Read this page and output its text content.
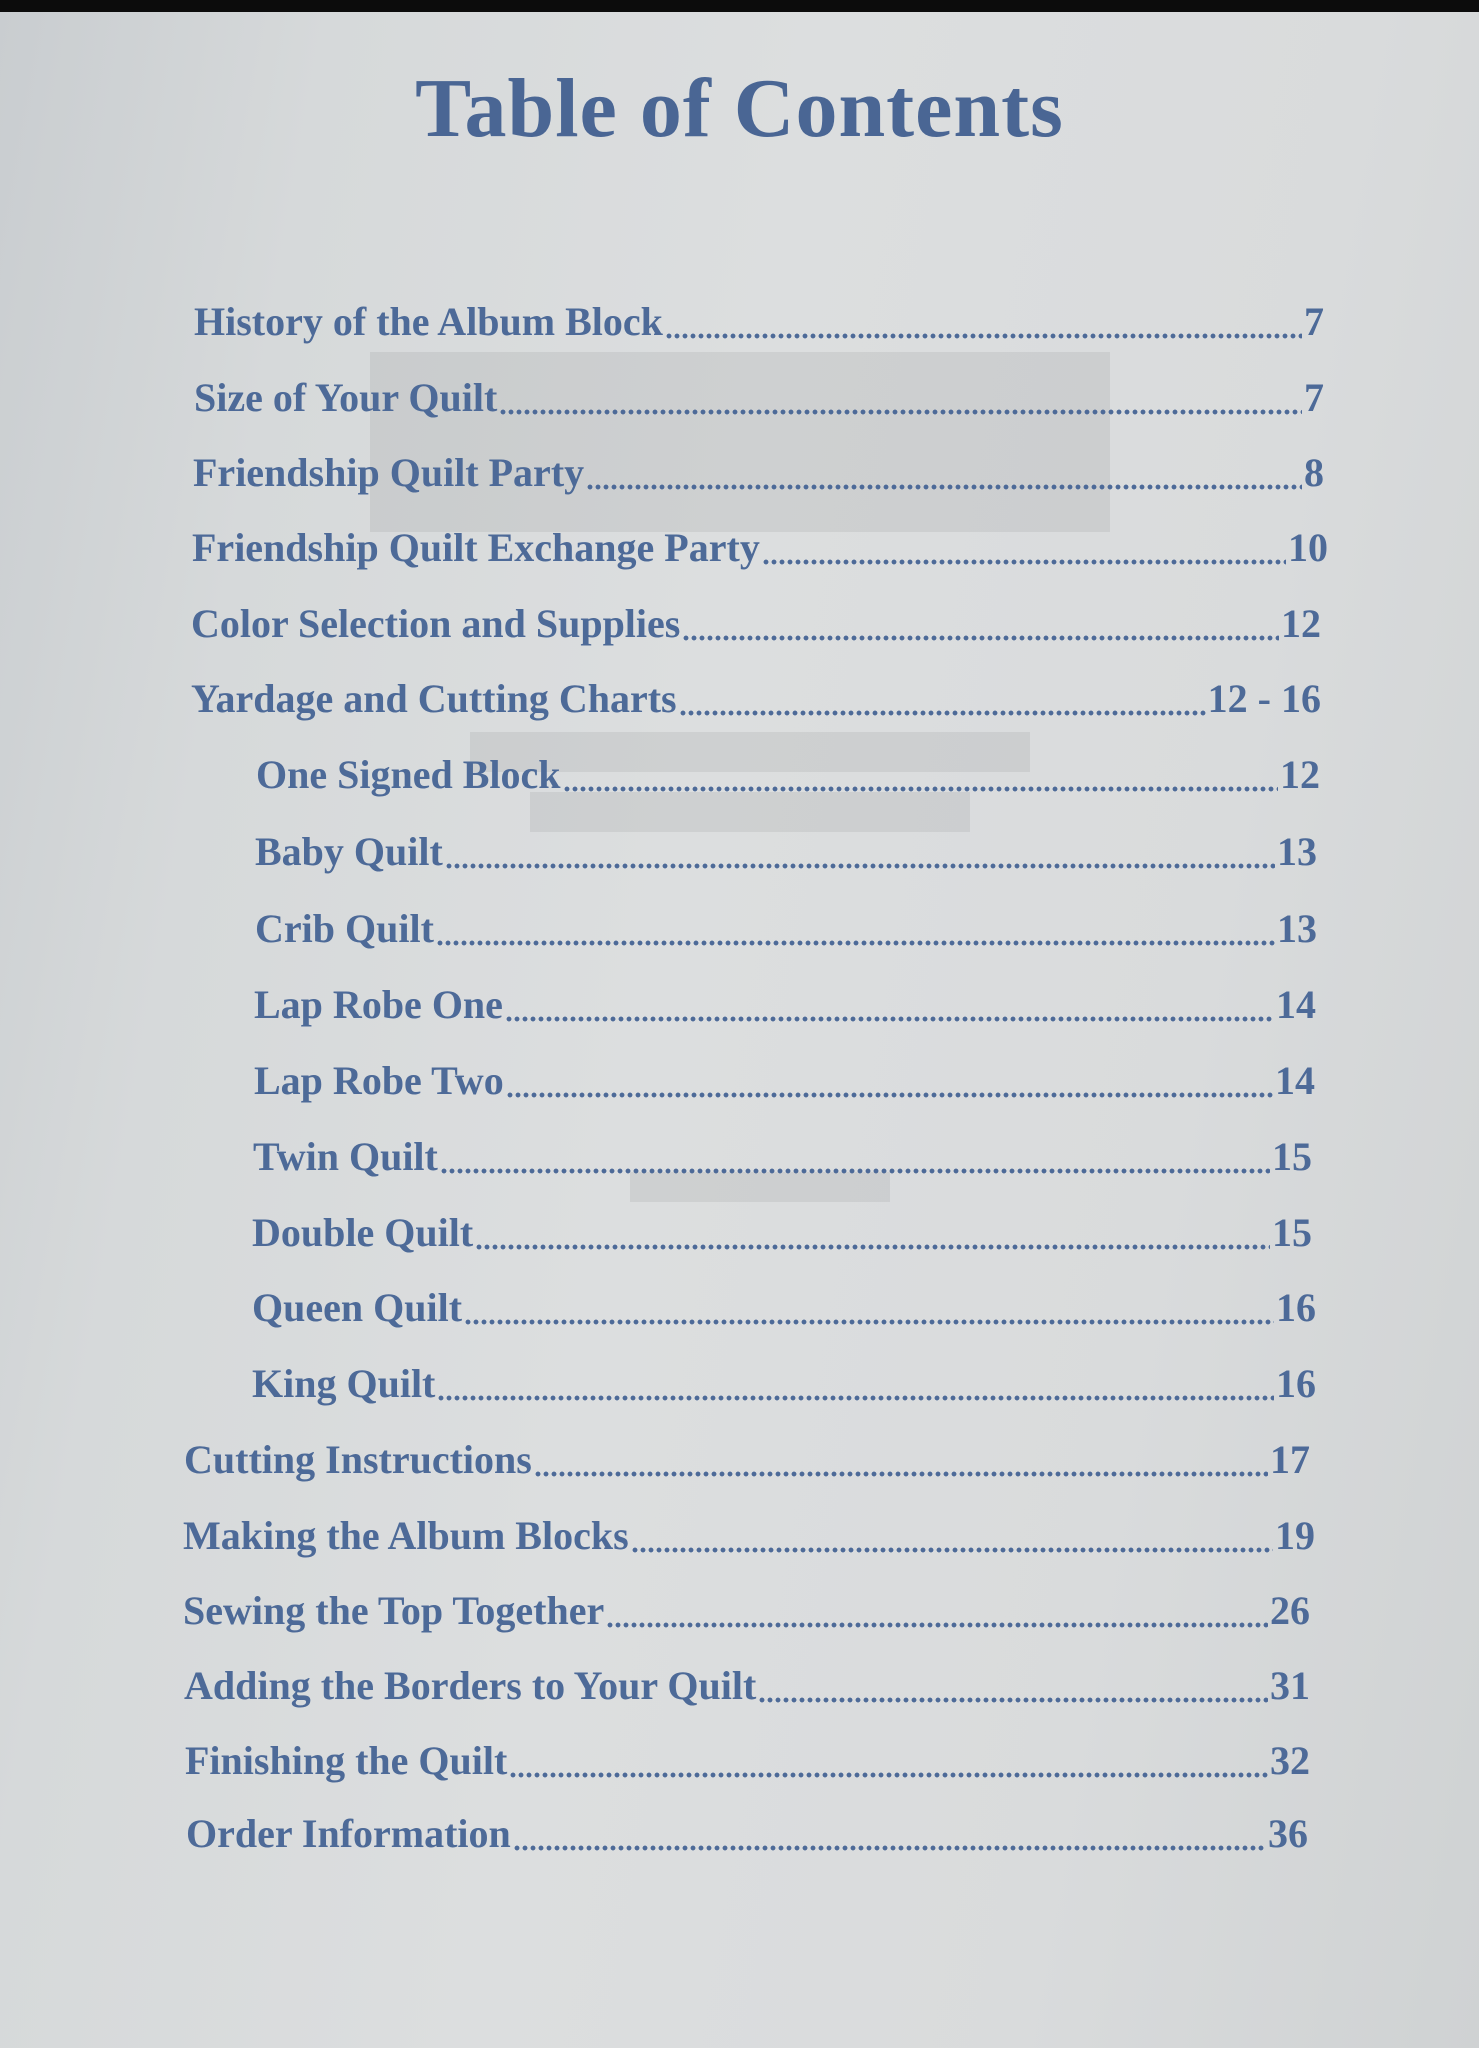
Table of Contents
History of the Album Block	7
Size of Your Quilt	7
Friendship Quilt Party	8
Friendship Quilt Exchange Party	10
Color Selection and Supplies	12
Yardage and Cutting Charts	12 - 16
One Signed Block	12
Baby Quilt	13
Crib Quilt	13
Lap Robe One	14
Lap Robe Two	14
Twin Quilt	15
Double Quilt	15
Queen Quilt	16
King Quilt	16
Cutting Instructions	17
Making the Album Blocks	19
Sewing the Top Together	26
Adding the Borders to Your Quilt	31
Finishing the Quilt	32
Order Information	36
